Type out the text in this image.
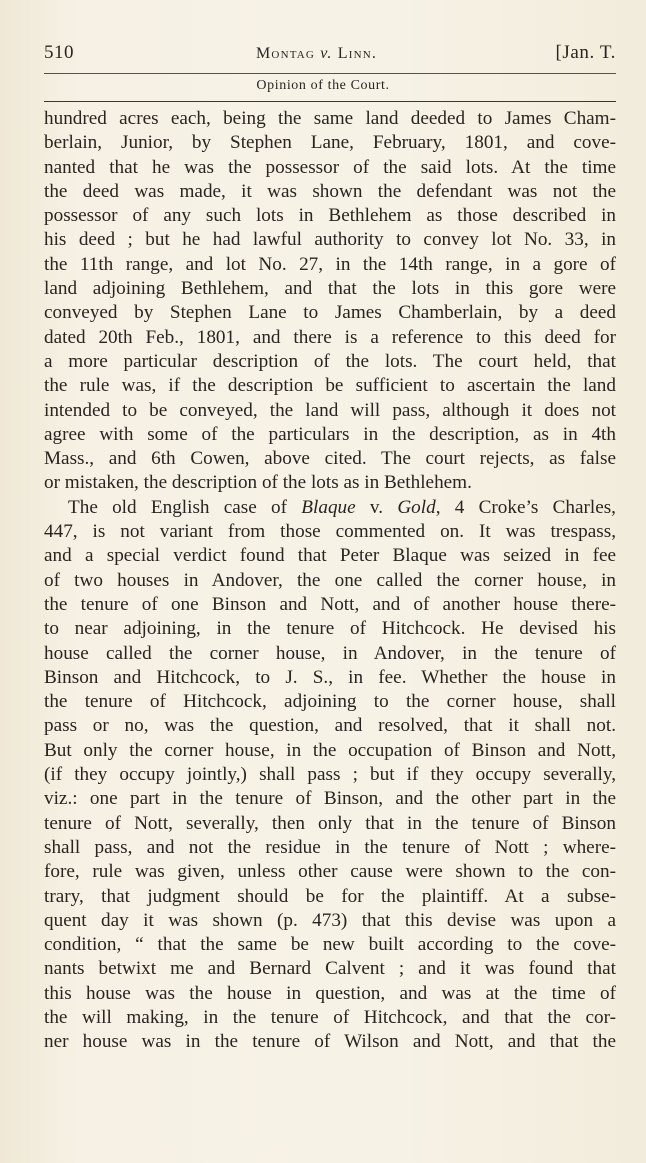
510	Montag v. Linn.	[Jan. T.
Opinion of the Court.
hundred acres each, being the same land deeded to James Cham-
berlain, Junior, by Stephen Lane, February, 1801, and cove-
nanted that he was the possessor of the said lots. At the time
the deed was made, it was shown the defendant was not the
possessor of any such lots in Bethlehem as those described in
his deed ; but he had lawful authority to convey lot No. 33, in
the 11th range, and lot No. 27, in the 14th range, in a gore of
land adjoining Bethlehem, and that the lots in this gore were
conveyed by Stephen Lane to James Chamberlain, by a deed
dated 20th Feb., 1801, and there is a reference to this deed for
a more particular description of the lots. The court held, that
the rule was, if the description be sufficient to ascertain the land
intended to be conveyed, the land will pass, although it does not
agree with some of the particulars in the description, as in 4th
Mass., and 6th Cowen, above cited. The court rejects, as false
or mistaken, the description of the lots as in Bethlehem.
The old English case of Blaque v. Gold, 4 Croke’s Charles,
447, is not variant from those commented on. It was trespass,
and a special verdict found that Peter Blaque was seized in fee
of two houses in Andover, the one called the corner house, in
the tenure of one Binson and Nott, and of another house there-
to near adjoining, in the tenure of Hitchcock. He devised his
house called the corner house, in Andover, in the tenure of
Binson and Hitchcock, to J. S., in fee. Whether the house in
the tenure of Hitchcock, adjoining to the corner house, shall
pass or no, was the question, and resolved, that it shall not.
But only the corner house, in the occupation of Binson and Nott,
(if they occupy jointly,) shall pass ; but if they occupy severally,
viz.: one part in the tenure of Binson, and the other part in the
tenure of Nott, severally, then only that in the tenure of Binson
shall pass, and not the residue in the tenure of Nott ; where-
fore, rule was given, unless other cause were shown to the con-
trary, that judgment should be for the plaintiff. At a subse-
quent day it was shown (p. 473) that this devise was upon a
condition, “ that the same be new built according to the cove-
nants betwixt me and Bernard Calvent ; and it was found that
this house was the house in question, and was at the time of
the will making, in the tenure of Hitchcock, and that the cor-
ner house was in the tenure of Wilson and Nott, and that the
